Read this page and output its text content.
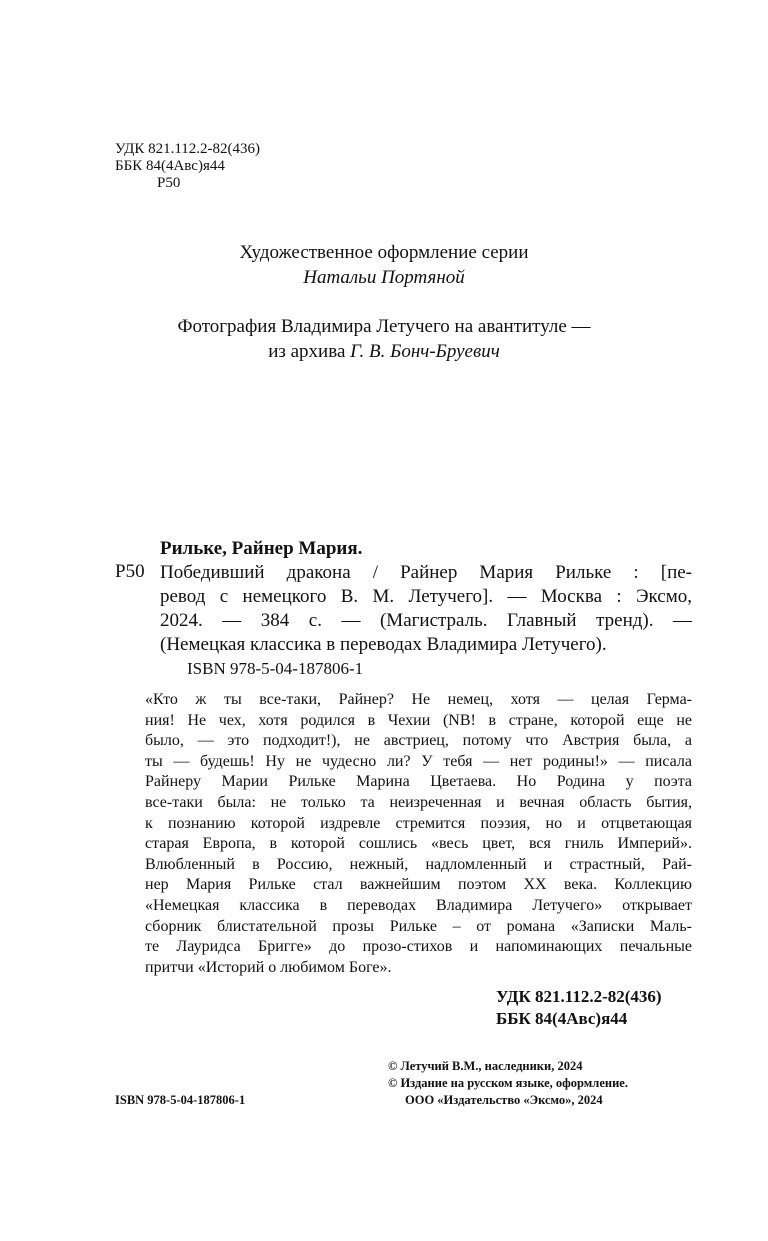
УДК 821.112.2-82(436)
ББК 84(4Авс)я44
Р50
Художественное оформление серии
Натальи Портяной
Фотография Владимира Летучего на авантитуле —
из архива Г. В. Бонч-Бруевич
Рильке, Райнер Мария.
Р50 Победивший дракона / Райнер Мария Рильке : [пе-
ревод с немецкого В. М. Летучего]. — Москва : Эксмо,
2024. — 384 с. — (Магистраль. Главный тренд). —
(Немецкая классика в переводах Владимира Летучего).
ISBN 978-5-04-187806-1
«Кто ж ты все-таки, Райнер? Не немец, хотя — целая Герма-
ния! Не чех, хотя родился в Чехии (NB! в стране, которой еще не
было, — это подходит!), не австриец, потому что Австрия была, а
ты — будешь! Ну не чудесно ли? У тебя — нет родины!» — писала
Райнеру Марии Рильке Марина Цветаева. Но Родина у поэта
все-таки была: не только та неизреченная и вечная область бытия,
к познанию которой издревле стремится поэзия, но и отцветающая
старая Европа, в которой сошлись «весь цвет, вся гниль Империй».
Влюбленный в Россию, нежный, надломленный и страстный, Рай-
нер Мария Рильке стал важнейшим поэтом XX века. Коллекцию
«Немецкая классика в переводах Владимира Летучего» открывает
сборник блистательной прозы Рильке – от романа «Записки Маль-
те Лауридса Бригге» до прозо-стихов и напоминающих печальные
притчи «Историй о любимом Боге».
УДК 821.112.2-82(436)
ББК 84(4Авс)я44
© Летучий В.М., наследники, 2024
© Издание на русском языке, оформление.
ООО «Издательство «Эксмо», 2024
ISBN 978-5-04-187806-1
